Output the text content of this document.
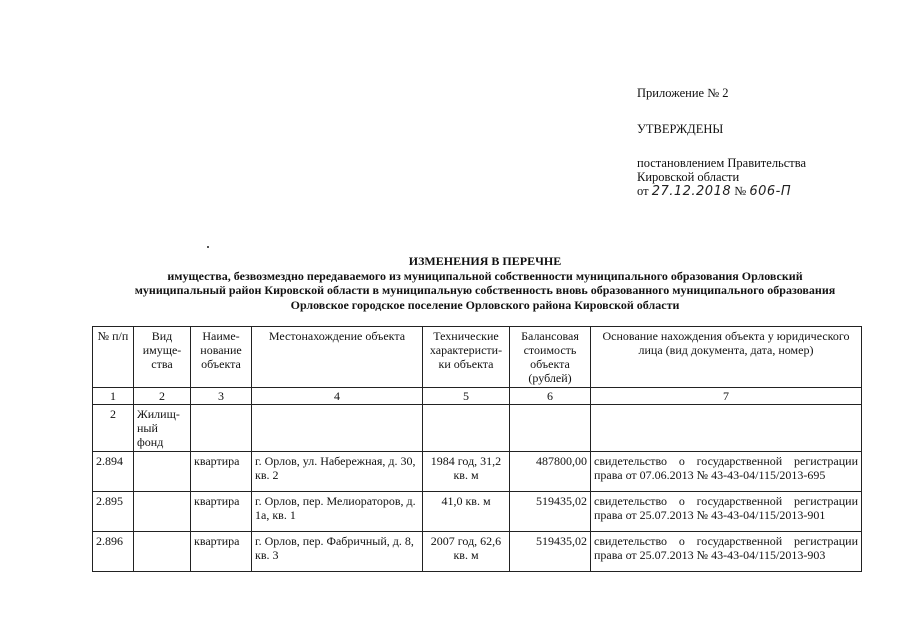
Приложение № 2
УТВЕРЖДЕНЫ
постановлением Правительства
Кировской области
от 27.12.2018 № 606-П
ИЗМЕНЕНИЯ В ПЕРЕЧНЕ
имущества, безвозмездно передаваемого из муниципальной собственности муниципального образования Орловский
муниципальный район Кировской области в муниципальную собственность вновь образованного муниципального образования
Орловское городское поселение Орловского района Кировской области
№ п/п	Вид имуще-ства	Наиме-нование объекта	Местонахождение объекта	Технические характеристи-ки объекта	Балансовая стоимость объекта (рублей)	Основание нахождения объекта у юридического лица (вид документа, дата, номер)
1	2	3	4	5	6	7
2	Жилищ-ный фонд					
2.894		квартира	г. Орлов, ул. Набережная, д. 30, кв. 2	1984 год, 31,2 кв. м	487800,00	свидетельство о государственной регистрации права от 07.06.2013 № 43-43-04/115/2013-695
2.895		квартира	г. Орлов, пер. Мелиораторов, д. 1а, кв. 1	41,0 кв. м	519435,02	свидетельство о государственной регистрации права от 25.07.2013 № 43-43-04/115/2013-901
2.896		квартира	г. Орлов, пер. Фабричный, д. 8, кв. 3	2007 год, 62,6 кв. м	519435,02	свидетельство о государственной регистрации права от 25.07.2013 № 43-43-04/115/2013-903
